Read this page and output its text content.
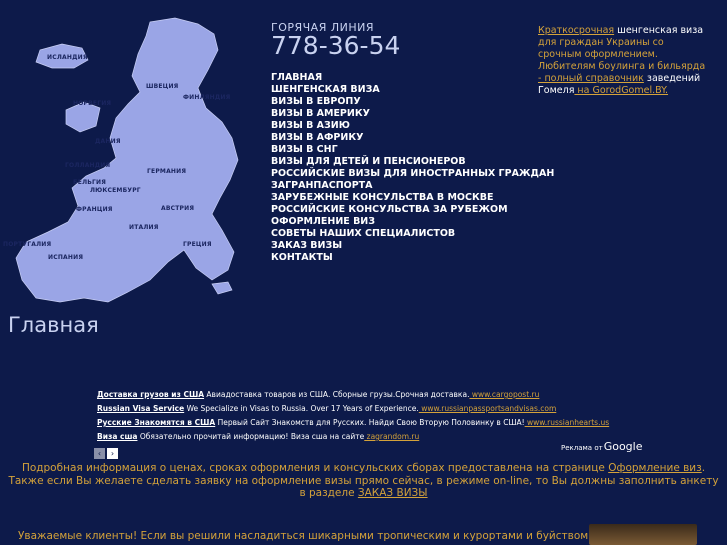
ИСЛАНДИЯ
НОРВЕГИЯ
ШВЕЦИЯ
ФИНЛЯНДИЯ
ДАНИЯ
ГОЛЛАНДИЯ
БЕЛЬГИЯ
ГЕРМАНИЯ
ЛЮКСЕМБУРГ
ФРАНЦИЯ	АВСТРИЯ
ИТАЛИЯ
ПОРТУГАЛИЯ
ИСПАНИЯ
ГРЕЦИЯ
ГОРЯЧАЯ ЛИНИЯ
778-36-54
ГЛАВНАЯ
ШЕНГЕНСКАЯ ВИЗА
ВИЗЫ В ЕВРОПУ
ВИЗЫ В АМЕРИКУ
ВИЗЫ В АЗИЮ
ВИЗЫ В АФРИКУ
ВИЗЫ В СНГ
ВИЗЫ ДЛЯ ДЕТЕЙ И ПЕНСИОНЕРОВ
РОССИЙСКИЕ ВИЗЫ ДЛЯ ИНОСТРАННЫХ ГРАЖДАН
ЗАГРАНПАСПОРТА
ЗАРУБЕЖНЫЕ КОНСУЛЬСТВА В МОСКВЕ
РОССИЙСКИЕ КОНСУЛЬСТВА ЗА РУБЕЖОМ
ОФОРМЛЕНИЕ ВИЗ
СОВЕТЫ НАШИХ СПЕЦИАЛИСТОВ
ЗАКАЗ ВИЗЫ
КОНТАКТЫ
Краткосрочная шенгенская виза
для граждан Украины со
срочным оформлением.
Любителям боулинга и бильярда
- полный справочник заведений
Гомеля на GorodGomel.BY.
Главная
Доставка грузов из США Авиадоставка товаров из США. Сборные грузы.Срочная доставка. www.cargopost.ru
Russian Visa Service We Specialize in Visas to Russia. Over 17 Years of Experience. www.russianpassportsandvisas.com
Русские Знакомятся в США Первый Сайт Знакомств для Русских. Найди Свою Вторую Половинку в США! www.russianhearts.us
Виза сша Обязательно прочитай информацию! Виза сша на сайте zagrandom.ru
‹ ›
Реклама отGoogle
Подробная информация о ценах, сроках оформления и консульских сборах предоставлена на странице Оформление виз. Также если Вы желаете сделать заявку на оформление визы прямо сейчас, в режиме on-line, то Вы должны заполнить анкету в разделе ЗАКАЗ ВИЗЫ
Уважаемые клиенты! Если вы решили насладиться шикарными тропическим и курортами и буйством
